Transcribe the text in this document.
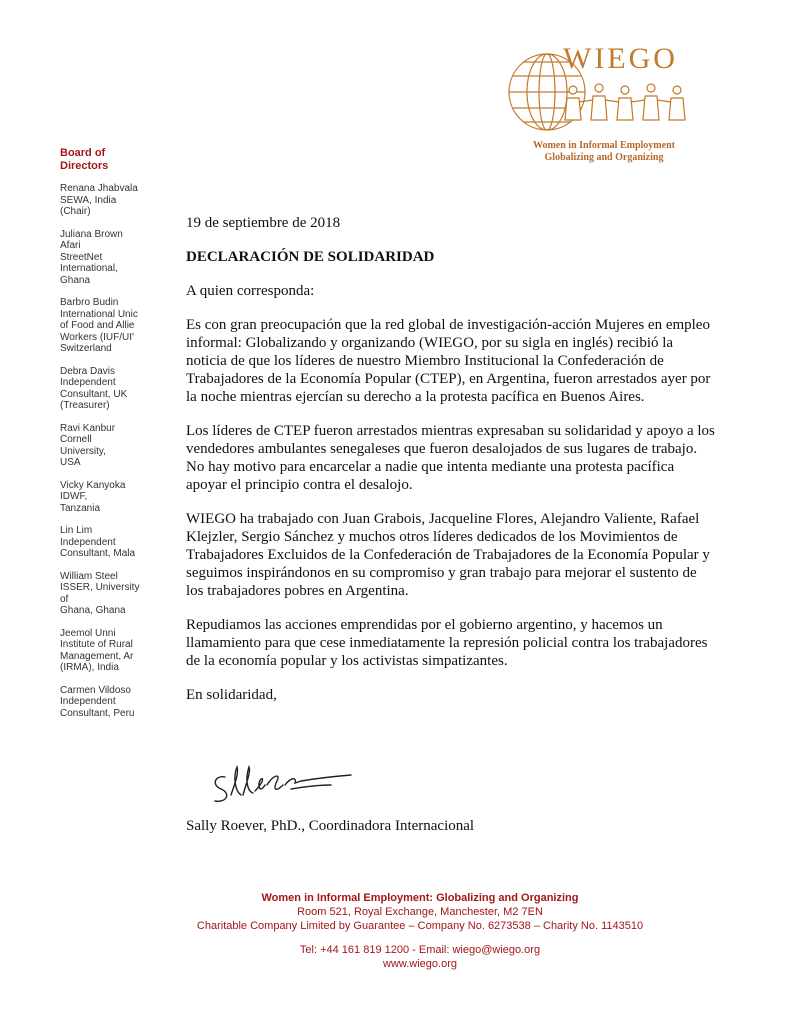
WIEGO
Women in Informal Employment
Globalizing and Organizing
Board of Directors
Renana Jhabvala
SEWA, India (Chair)
Juliana Brown Afari
StreetNet
International, Ghana
Barbro Budin
International Unic
of Food and Allie
Workers (IUF/UI'
Switzerland
Debra Davis
Independent
Consultant, UK
(Treasurer)
Ravi Kanbur
Cornell University,
USA
Vicky Kanyoka
IDWF,
Tanzania
Lin Lim
Independent
Consultant, Mala
William Steel
ISSER, University of
Ghana, Ghana
Jeemol Unni
Institute of Rural
Management, Ar
(IRMA), India
Carmen Vildoso
Independent
Consultant, Peru

19 de septiembre de 2018

DECLARACIÓN DE SOLIDARIDAD

A quien corresponda:

Es con gran preocupación que la red global de investigación-acción Mujeres en empleo informal: Globalizando y organizando (WIEGO, por su sigla en inglés) recibió la noticia de que los líderes de nuestro Miembro Institucional la Confederación de Trabajadores de la Economía Popular (CTEP), en Argentina, fueron arrestados ayer por la noche mientras ejercían su derecho a la protesta pacífica en Buenos Aires.

Los líderes de CTEP fueron arrestados mientras expresaban su solidaridad y apoyo a los vendedores ambulantes senegaleses que fueron desalojados de sus lugares de trabajo. No hay motivo para encarcelar a nadie que intenta mediante una protesta pacífica apoyar el principio contra el desalojo.

WIEGO ha trabajado con Juan Grabois, Jacqueline Flores, Alejandro Valiente, Rafael Klejzler, Sergio Sánchez y muchos otros líderes dedicados de los Movimientos de Trabajadores Excluidos de la Confederación de Trabajadores de la Economía Popular y seguimos inspirándonos en su compromiso y gran trabajo para mejorar el sustento de los trabajadores pobres en Argentina.

Repudiamos las acciones emprendidas por el gobierno argentino, y hacemos un llamamiento para que cese inmediatamente la represión policial contra los trabajadores de la economía popular y los activistas simpatizantes.

En solidaridad,

Sally Roever, PhD., Coordinadora Internacional
Women in Informal Employment: Globalizing and Organizing
Room 521, Royal Exchange, Manchester, M2 7EN
Charitable Company Limited by Guarantee – Company No. 6273538 – Charity No. 1143510
Tel: +44 161 819 1200 - Email: wiego@wiego.org
www.wiego.org
